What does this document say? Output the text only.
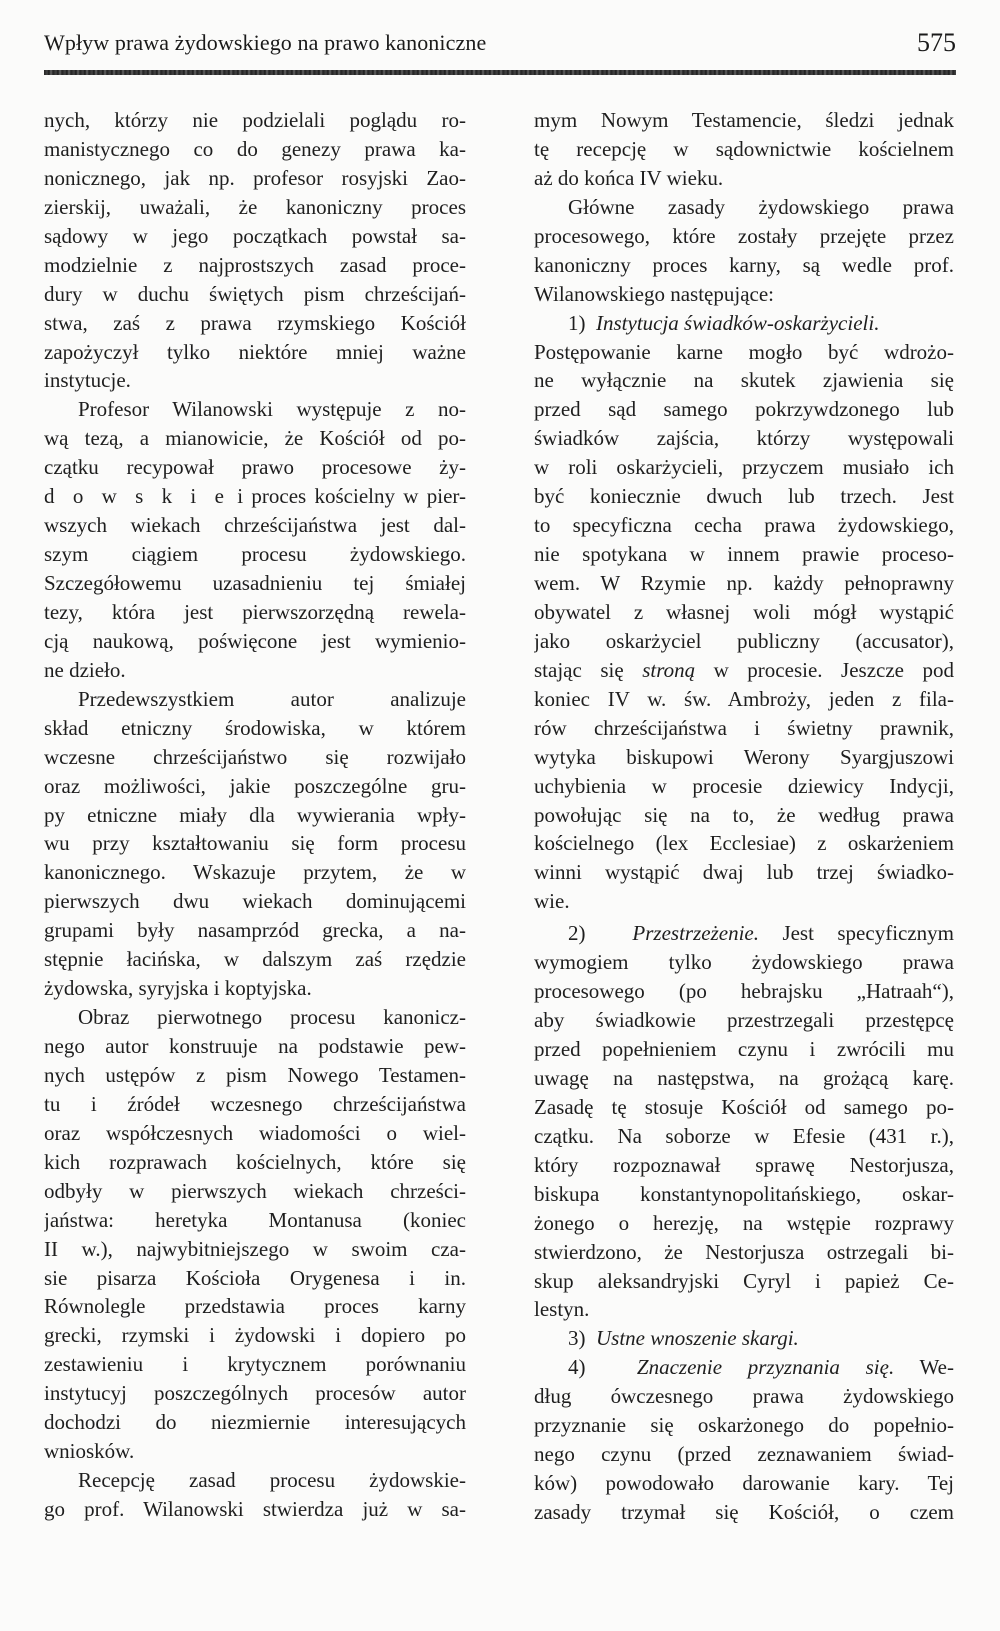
Wpływ prawa żydowskiego na prawo kanoniczne	575
nych, którzy nie podzielali poglądu ro-
manistycznego co do genezy prawa ka-
nonicznego, jak np. profesor rosyjski Zao-
zierskij, uważali, że kanoniczny proces
sądowy w jego początkach powstał sa-
modzielnie z najprostszych zasad proce-
dury w duchu świętych pism chrześcijań-
stwa, zaś z prawa rzymskiego Kościół
zapożyczył tylko niektóre mniej ważne
instytucje.
Profesor Wilanowski występuje z no-
wą tezą, a mianowicie, że Kościół od po-
czątku recypował prawo procesowe ży-
d o w s k i e i proces kościelny w pier-
wszych wiekach chrześcijaństwa jest dal-
szym ciągiem procesu żydowskiego.
Szczegółowemu uzasadnieniu tej śmiałej
tezy, która jest pierwszorzędną rewela-
cją naukową, poświęcone jest wymienio-
ne dzieło.
Przedewszystkiem autor analizuje
skład etniczny środowiska, w którem
wczesne chrześcijaństwo się rozwijało
oraz możliwości, jakie poszczególne gru-
py etniczne miały dla wywierania wpły-
wu przy kształtowaniu się form procesu
kanonicznego. Wskazuje przytem, że w
pierwszych dwu wiekach dominującemi
grupami były nasamprzód grecka, a na-
stępnie łacińska, w dalszym zaś rzędzie
żydowska, syryjska i koptyjska.
Obraz pierwotnego procesu kanonicz-
nego autor konstruuje na podstawie pew-
nych ustępów z pism Nowego Testamen-
tu i źródeł wczesnego chrześcijaństwa
oraz współczesnych wiadomości o wiel-
kich rozprawach kościelnych, które się
odbyły w pierwszych wiekach chrześci-
jaństwa: heretyka Montanusa (koniec
II w.), najwybitniejszego w swoim cza-
sie pisarza Kościoła Orygenesa i in.
Równolegle przedstawia proces karny
grecki, rzymski i żydowski i dopiero po
zestawieniu i krytycznem porównaniu
instytucyj poszczególnych procesów autor
dochodzi do niezmiernie interesujących
wniosków.
Recepcję zasad procesu żydowskie-
go prof. Wilanowski stwierdza już w sa-
mym Nowym Testamencie, śledzi jednak
tę recepcję w sądownictwie kościelnem
aż do końca IV wieku.
Główne zasady żydowskiego prawa
procesowego, które zostały przejęte przez
kanoniczny proces karny, są wedle prof.
Wilanowskiego następujące:
1) Instytucja świadków-oskarżycieli.
Postępowanie karne mogło być wdrożo-
ne wyłącznie na skutek zjawienia się
przed sąd samego pokrzywdzonego lub
świadków zajścia, którzy występowali
w roli oskarżycieli, przyczem musiało ich
być koniecznie dwuch lub trzech. Jest
to specyficzna cecha prawa żydowskiego,
nie spotykana w innem prawie proceso-
wem. W Rzymie np. każdy pełnoprawny
obywatel z własnej woli mógł wystąpić
jako oskarżyciel publiczny (accusator),
stając się stroną w procesie. Jeszcze pod
koniec IV w. św. Ambroży, jeden z fila-
rów chrześcijaństwa i świetny prawnik,
wytyka biskupowi Werony Syargjuszowi
uchybienia w procesie dziewicy Indycji,
powołując się na to, że według prawa
kościelnego (lex Ecclesiae) z oskarżeniem
winni wystąpić dwaj lub trzej świadko-
wie.
2) Przestrzeżenie. Jest specyficznym
wymogiem tylko żydowskiego prawa
procesowego (po hebrajsku „Hatraah“),
aby świadkowie przestrzegali przestępcę
przed popełnieniem czynu i zwrócili mu
uwagę na następstwa, na grożącą karę.
Zasadę tę stosuje Kościół od samego po-
czątku. Na soborze w Efesie (431 r.),
który rozpoznawał sprawę Nestorjusza,
biskupa konstantynopolitańskiego, oskar-
żonego o herezję, na wstępie rozprawy
stwierdzono, że Nestorjusza ostrzegali bi-
skup aleksandryjski Cyryl i papież Ce-
lestyn.
3) Ustne wnoszenie skargi.
4) Znaczenie przyznania się. We-
dług ówczesnego prawa żydowskiego
przyznanie się oskarżonego do popełnio-
nego czynu (przed zeznawaniem świad-
ków) powodowało darowanie kary. Tej
zasady trzymał się Kościół, o czem
